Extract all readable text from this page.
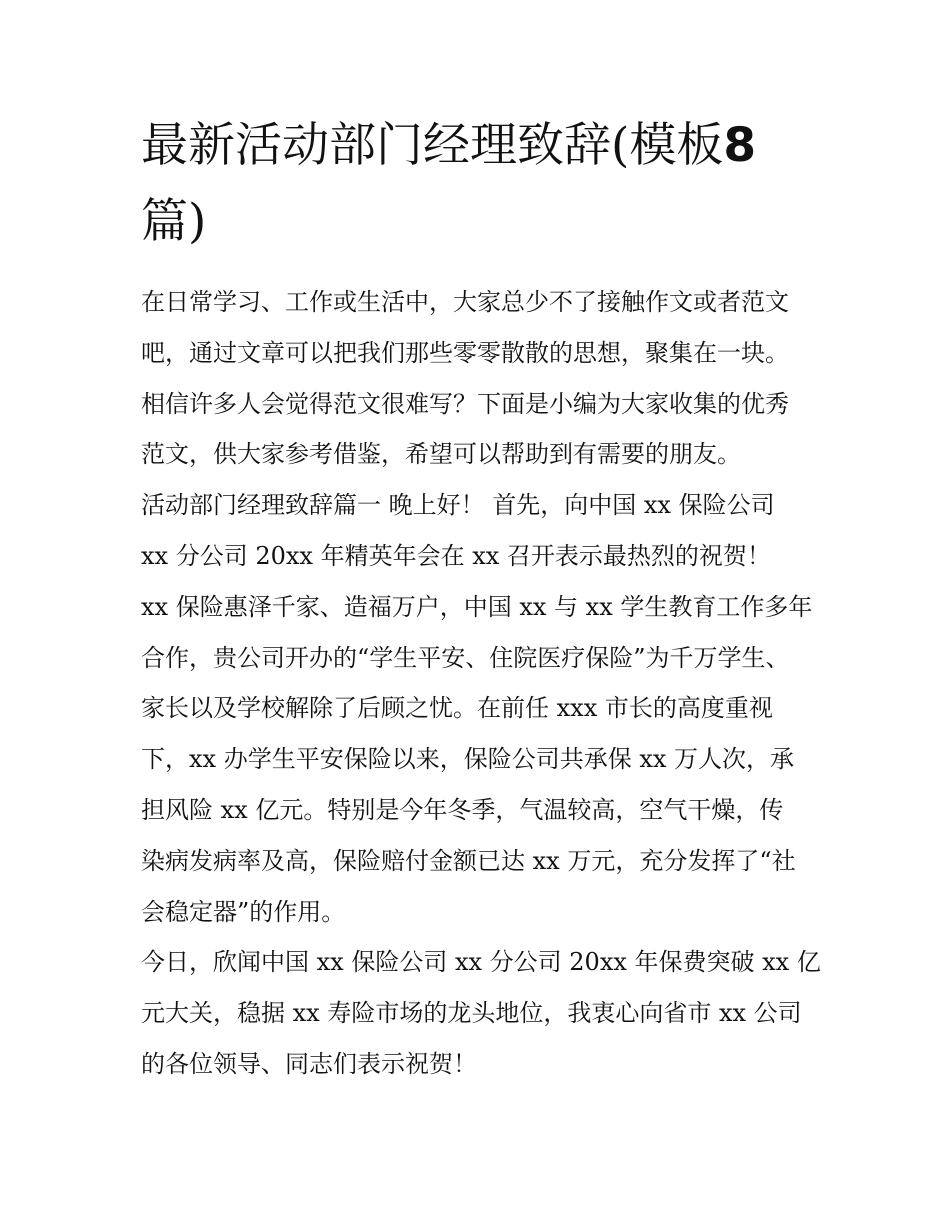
最新活动部门经理致辞(模板8
篇)

在日常学习、工作或生活中，大家总少不了接触作文或者范文
吧，通过文章可以把我们那些零零散散的思想，聚集在一块。
相信许多人会觉得范文很难写？下面是小编为大家收集的优秀
范文，供大家参考借鉴，希望可以帮助到有需要的朋友。

活动部门经理致辞篇一 晚上好！ 首先，向中国 xx 保险公司
xx 分公司 20xx 年精英年会在 xx 召开表示最热烈的祝贺！

xx 保险惠泽千家、造福万户，中国 xx 与 xx 学生教育工作多年
合作，贵公司开办的“学生平安、住院医疗保险”为千万学生、
家长以及学校解除了后顾之忧。在前任 xxx 市长的高度重视
下，xx 办学生平安保险以来，保险公司共承保 xx 万人次，承
担风险 xx 亿元。特别是今年冬季，气温较高，空气干燥，传
染病发病率及高，保险赔付金额已达 xx 万元，充分发挥了“社
会稳定器”的作用。

今日，欣闻中国 xx 保险公司 xx 分公司 20xx 年保费突破 xx 亿
元大关，稳据 xx 寿险市场的龙头地位，我衷心向省市 xx 公司
的各位领导、同志们表示祝贺！
